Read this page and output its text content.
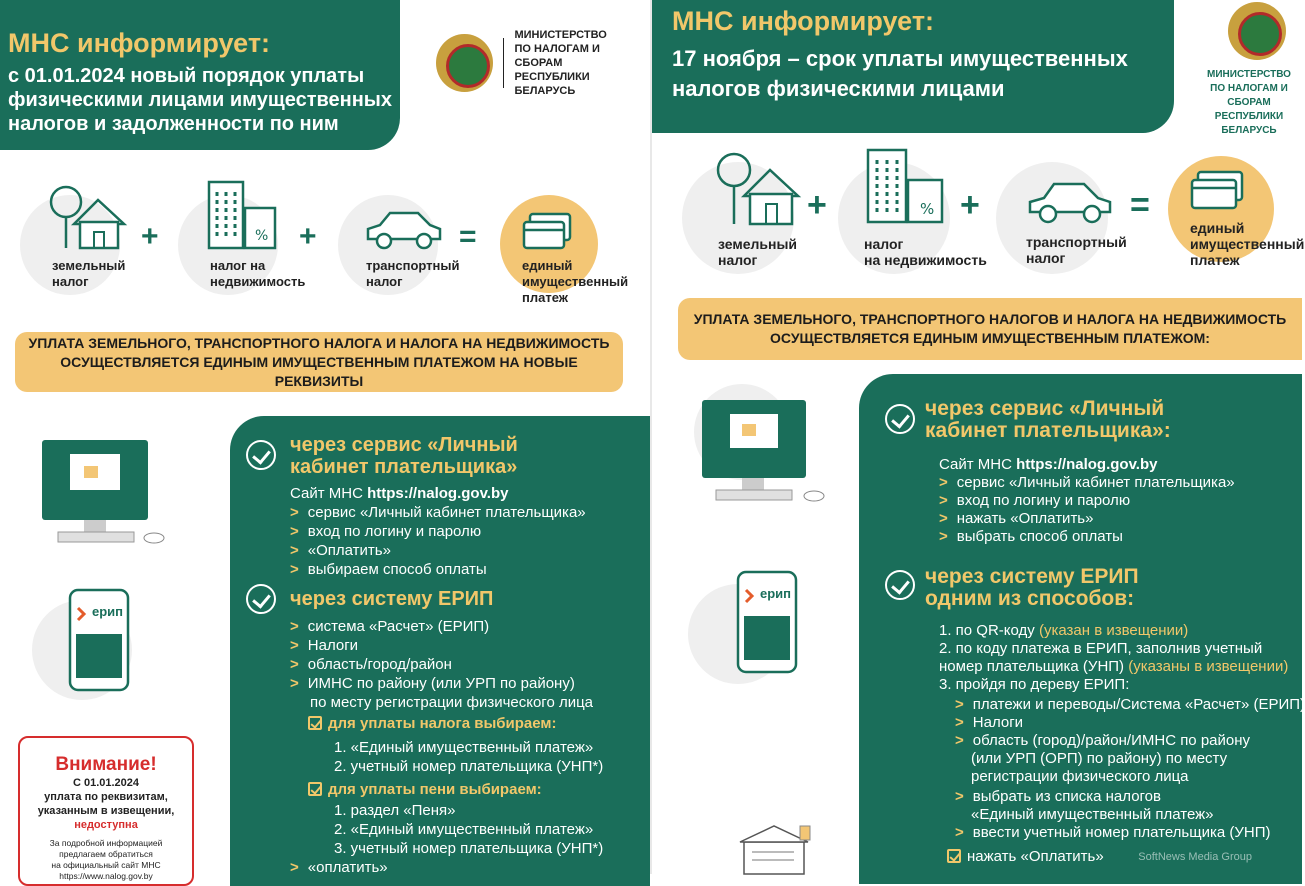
МНС информирует:
с 01.01.2024 новый порядок уплаты
физическими лицами имущественных
налогов и задолженности по ним
МИНИСТЕРСТВО
ПО НАЛОГАМ И СБОРАМ
РЕСПУБЛИКИ БЕЛАРУСЬ
земельный
налог
+	%
налог на
недвижимость
+
транспортный
налог
=
единый
имущественный
платеж
УПЛАТА ЗЕМЕЛЬНОГО, ТРАНСПОРТНОГО НАЛОГА И НАЛОГА НА НЕДВИЖИМОСТЬ
ОСУЩЕСТВЛЯЕТСЯ ЕДИНЫМ ИМУЩЕСТВЕННЫМ ПЛАТЕЖОМ НА НОВЫЕ РЕКВИЗИТЫ
ерип
через сервис «Личный
кабинет плательщика»
Сайт МНС https://nalog.gov.by
> сервис «Личный кабинет плательщика»
> вход по логину и паролю
> «Оплатить»
> выбираем способ оплаты
через систему ЕРИП
> система «Расчет» (ЕРИП)
> Налоги
> область/город/район
> ИМНС по району (или УРП по району)
по месту регистрации физического лица
для уплаты налога выбираем:
1. «Единый имущественный платеж»
2. учетный номер плательщика (УНП*)
для уплаты пени выбираем:
1. раздел «Пеня»
2. «Единый имущественный платеж»
3. учетный номер плательщика (УНП*)
> «оплатить»
Внимание!
С 01.01.2024
уплата по реквизитам,
указанным в извещении,
недоступна
За подробной информацией
предлагаем обратиться
на официальный сайт МНС
https://www.nalog.gov.by
МНС информирует:
17 ноября – срок уплаты имущественных
налогов физическими лицами
МИНИСТЕРСТВО
ПО НАЛОГАМ И СБОРАМ
РЕСПУБЛИКИ БЕЛАРУСЬ
земельный
налог
+	%
налог
на недвижимость
+
транспортный
налог
=
единый
имущественный
платеж
УПЛАТА ЗЕМЕЛЬНОГО, ТРАНСПОРТНОГО НАЛОГОВ И НАЛОГА НА НЕДВИЖИМОСТЬ
ОСУЩЕСТВЛЯЕТСЯ ЕДИНЫМ ИМУЩЕСТВЕННЫМ ПЛАТЕЖОМ:
ерип
через сервис «Личный
кабинет плательщика»:
Сайт МНС https://nalog.gov.by
> сервис «Личный кабинет плательщика»
> вход по логину и паролю
> нажать «Оплатить»
> выбрать способ оплаты
через систему ЕРИП
одним из способов:
1. по QR-коду (указан в извещении)
2. по коду платежа в ЕРИП, заполнив учетный
номер плательщика (УНП) (указаны в извещении)
3. пройдя по дереву ЕРИП:
> платежи и переводы/Система «Расчет» (ЕРИП)
> Налоги
> область (город)/район/ИМНС по району
(или УРП (ОРП) по району) по месту
регистрации физического лица
> выбрать из списка налогов
«Единый имущественный платеж»
> ввести учетный номер плательщика (УНП)
нажать «Оплатить»	SoftNews Media Group
